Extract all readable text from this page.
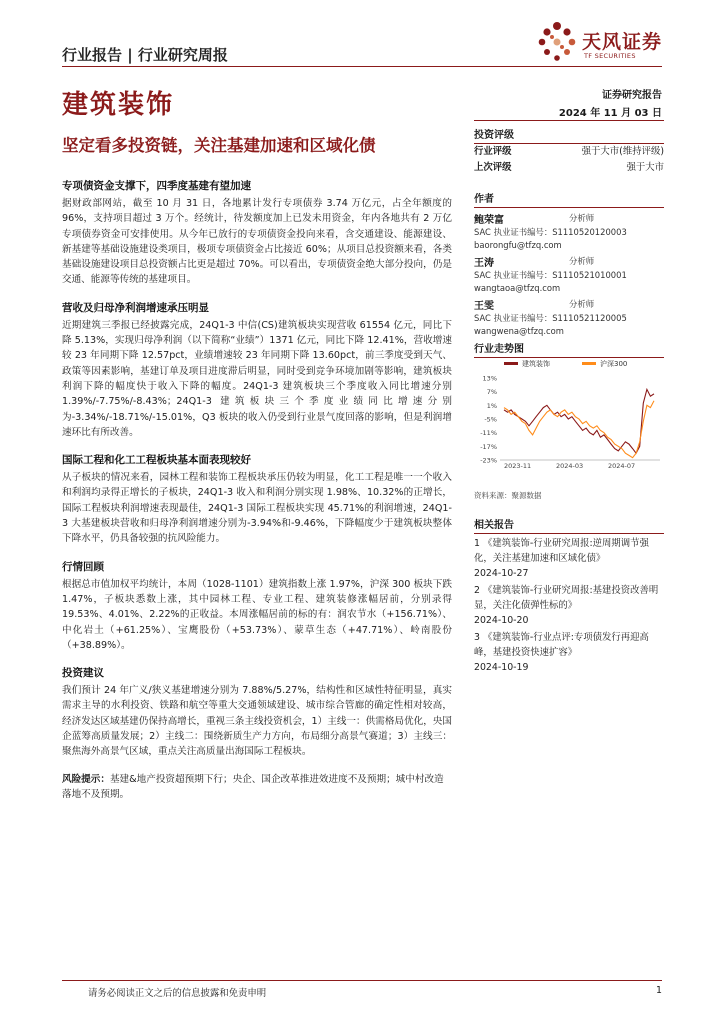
行业报告 | 行业研究周报
天风证券
TF SECURITIES
建筑装饰	证券研究报告
2024 年 11 月 03 日
坚定看多投资链，关注基建加速和区域化债
专项债资金支撑下，四季度基建有望加速

据财政部网站，截至 10 月 31 日，各地累计发行专项债券 3.74 万亿元，占全年额度的 96%，支持项目超过 3 万个。经统计，待发额度加上已发未用资金，年内各地共有 2 万亿专项债券资金可安排使用。从今年已放行的专项债资金投向来看，含交通建设、能源建设、新基建等基础设施建设类项目，极项专项债资金占比接近 60%；从项目总投资额来看，各类基础设施建设项目总投资额占比更是超过 70%。可以看出，专项债资金绝大部分投向，仍是交通、能源等传统的基建项目。

营收及归母净利润增速承压明显

近期建筑三季报已经披露完成，24Q1-3 中信(CS)建筑板块实现营收 61554 亿元，同比下降 5.13%，实现归母净利润（以下简称“业绩”）1371 亿元，同比下降 12.41%，营收增速较 23 年同期下降 12.57pct，业绩增速较 23 年同期下降 13.60pct，前三季度受到天气、政策等因素影响，基建订单及项目进度滞后明显，同时受到竞争环境加剧等影响，建筑板块利润下降的幅度快于收入下降的幅度。24Q1-3 建筑板块三个季度收入同比增速分别 1.39%/-7.75%/-8.43%；24Q1-3 建筑板块三个季度业绩同比增速分别为-3.34%/-18.71%/-15.01%，Q3 板块的收入仍受到行业景气度回落的影响，但是利润增速环比有所改善。

国际工程和化工工程板块基本面表现较好

从子板块的情况来看，园林工程和装饰工程板块承压仍较为明显，化工工程是唯一一个收入和利润均录得正增长的子板块，24Q1-3 收入和利润分别实现 1.98%、10.32%的正增长，国际工程板块利润增速表现最佳，24Q1-3 国际工程板块实现 45.71%的利润增速，24Q1-3 大基建板块营收和归母净利润增速分别为-3.94%和-9.46%，下降幅度少于建筑板块整体下降水平，仍具备较强的抗风险能力。

行情回顾

根据总市值加权平均统计，本周（1028-1101）建筑指数上涨 1.97%，沪深 300 板块下跌 1.47%，子板块悉数上涨，其中园林工程、专业工程、建筑装修涨幅居前，分别录得 19.53%、4.01%、2.22%的正收益。本周涨幅居前的标的有：润农节水（+156.71%）、中化岩土（+61.25%）、宝鹰股份（+53.73%）、蒙草生态（+47.71%）、岭南股份（+38.89%）。

投资建议

我们预计 24 年广义/狭义基建增速分别为 7.88%/5.27%，结构性和区域性特征明显，真实需求主导的水利投资、铁路和航空等重大交通领域建设、城市综合管廊的确定性相对较高，经济发达区域基建仍保持高增长，重视三条主线投资机会，1）主线一：供需格局优化，央国企蓝筹高质量发展；2）主线二：围绕新质生产力方向，布局细分高景气赛道；3）主线三：聚焦海外高景气区域，重点关注高质量出海国际工程板块。

风险提示：基建&地产投资超预期下行；央企、国企改革推进效进度不及预期；城中村改造落地不及预期。
投资评级
行业评级	强于大市(维持评级)
上次评级	强于大市
作者
鲍荣富	分析师
SAC 执业证书编号：S1110520120003
baorongfu@tfzq.com
王涛	分析师
SAC 执业证书编号：S1110521010001
wangtaoa@tfzq.com
王雯	分析师
SAC 执业证书编号：S1110521120005
wangwena@tfzq.com
行业走势图
建筑装饰	沪深300
13%
7%
1%
-5%
-11%
-17%
-23%
2023-11	2024-03	2024-07
资料来源：聚源数据
相关报告
1 《建筑装饰-行业研究周报:逆周期调节强化，关注基建加速和区域化债》
2024-10-27
2 《建筑装饰-行业研究周报:基建投资改善明显，关注化债弹性标的》
2024-10-20
3 《建筑装饰-行业点评:专项债发行再迎高峰，基建投资快速扩容》
2024-10-19
请务必阅读正文之后的信息披露和免责申明	1
